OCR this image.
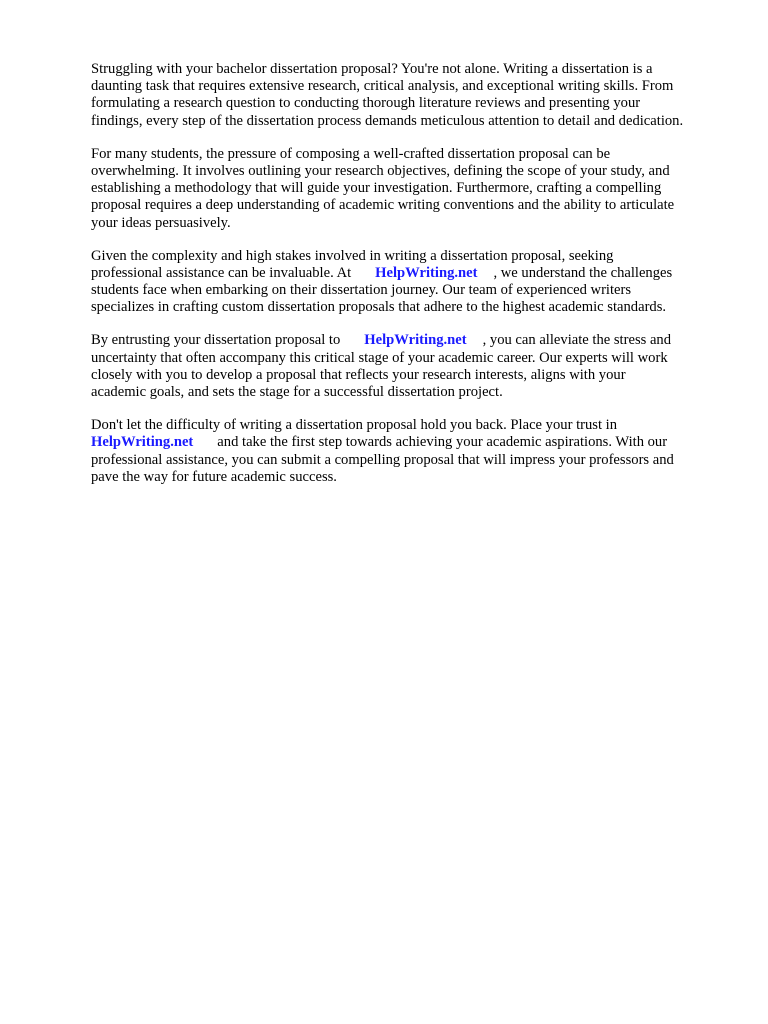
Struggling with your bachelor dissertation proposal? You're not alone. Writing a dissertation is a
daunting task that requires extensive research, critical analysis, and exceptional writing skills. From
formulating a research question to conducting thorough literature reviews and presenting your
findings, every step of the dissertation process demands meticulous attention to detail and dedication.

For many students, the pressure of composing a well-crafted dissertation proposal can be
overwhelming. It involves outlining your research objectives, defining the scope of your study, and
establishing a methodology that will guide your investigation. Furthermore, crafting a compelling
proposal requires a deep understanding of academic writing conventions and the ability to articulate
your ideas persuasively.

Given the complexity and high stakes involved in writing a dissertation proposal, seeking
professional assistance can be invaluable. At HelpWriting.net , we understand the challenges
students face when embarking on their dissertation journey. Our team of experienced writers
specializes in crafting custom dissertation proposals that adhere to the highest academic standards.

By entrusting your dissertation proposal to HelpWriting.net , you can alleviate the stress and
uncertainty that often accompany this critical stage of your academic career. Our experts will work
closely with you to develop a proposal that reflects your research interests, aligns with your
academic goals, and sets the stage for a successful dissertation project.

Don't let the difficulty of writing a dissertation proposal hold you back. Place your trust in
HelpWriting.net and take the first step towards achieving your academic aspirations. With our
professional assistance, you can submit a compelling proposal that will impress your professors and
pave the way for future academic success.
